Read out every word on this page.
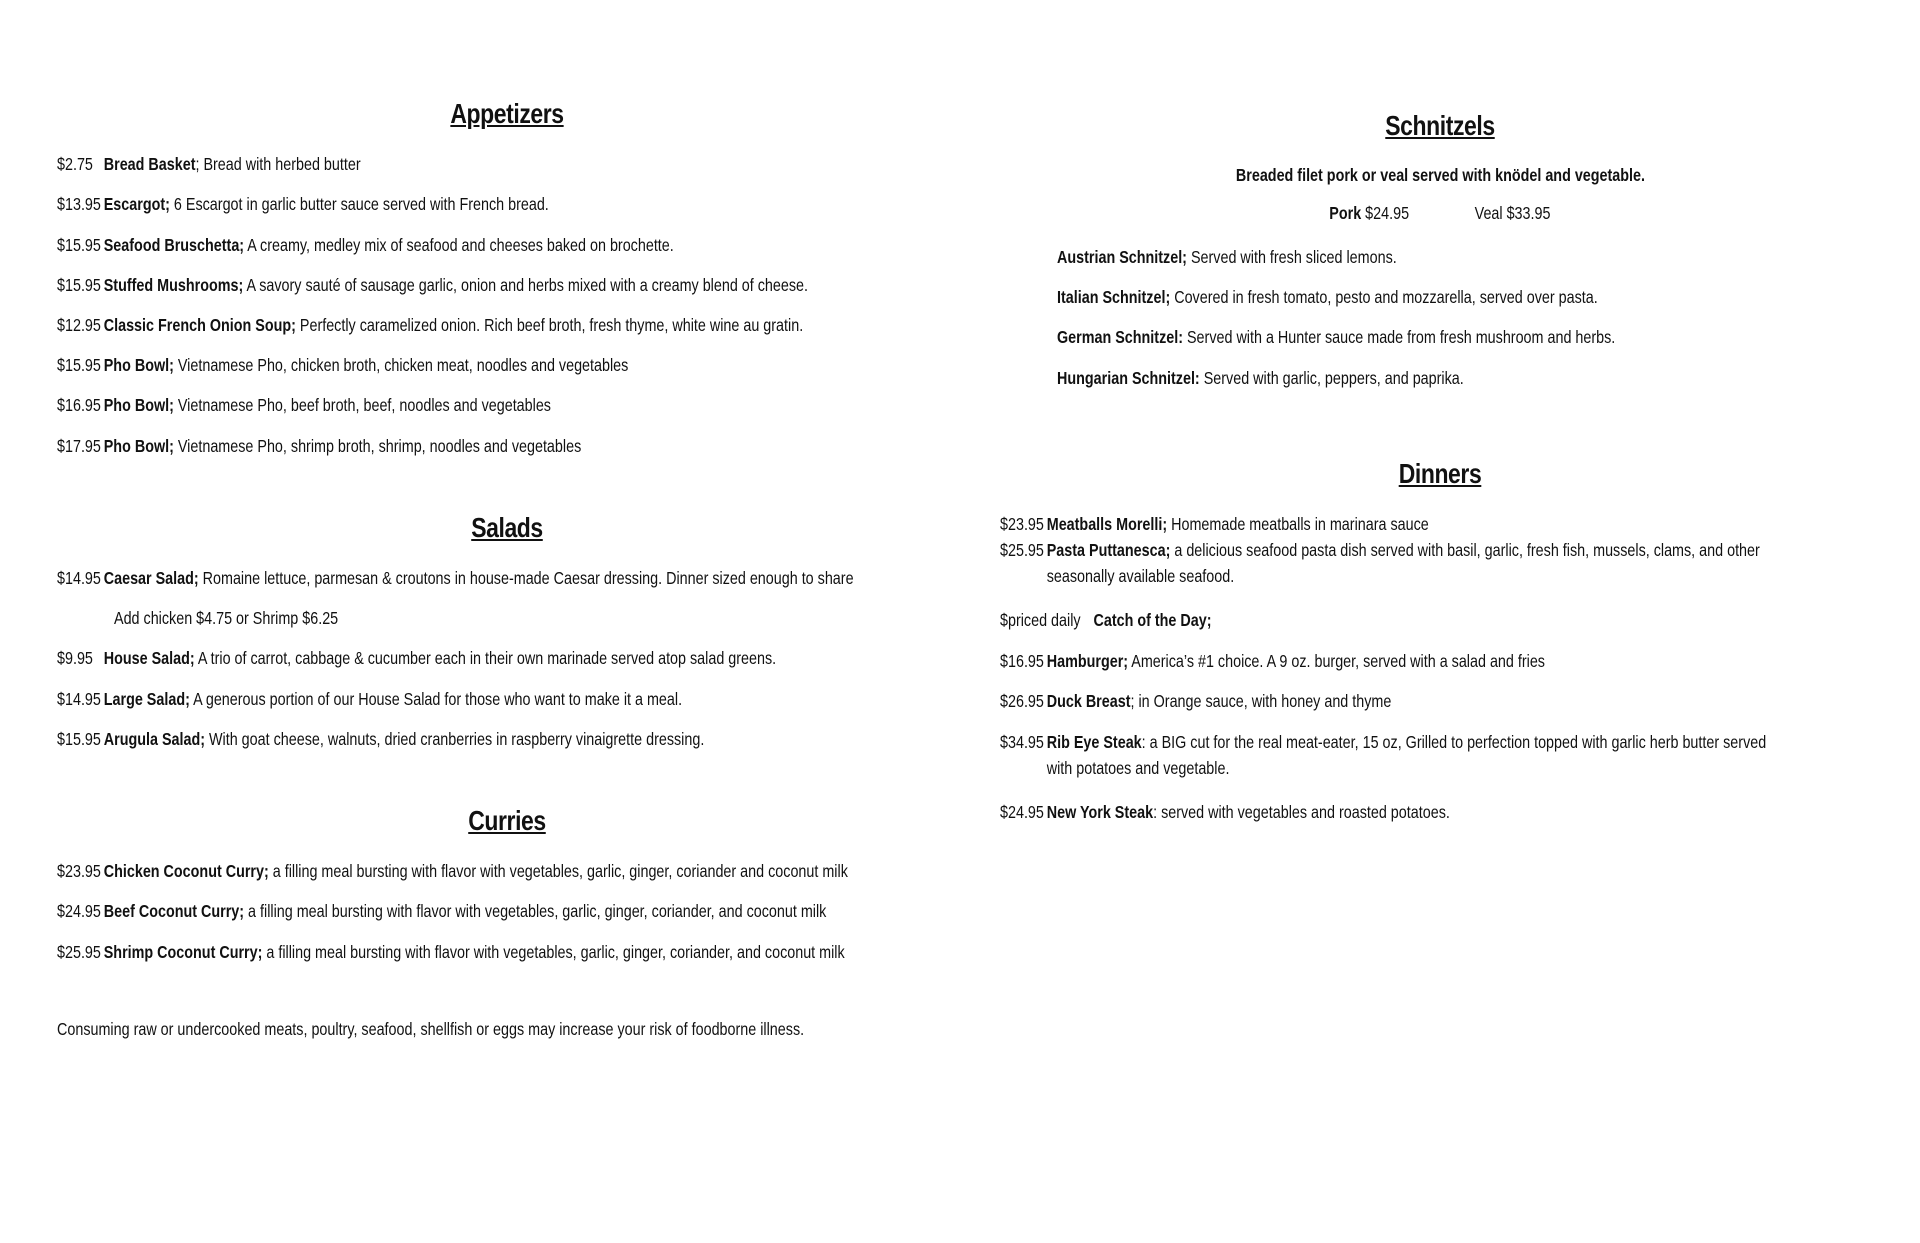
Appetizers
$2.75 Bread Basket; Bread with herbed butter
$13.95 Escargot; 6 Escargot in garlic butter sauce served with French bread.
$15.95 Seafood Bruschetta; A creamy, medley mix of seafood and cheeses baked on brochette.
$15.95 Stuffed Mushrooms; A savory sauté of sausage garlic, onion and herbs mixed with a creamy blend of cheese.
$12.95 Classic French Onion Soup; Perfectly caramelized onion. Rich beef broth, fresh thyme, white wine au gratin.
$15.95 Pho Bowl; Vietnamese Pho, chicken broth, chicken meat, noodles and vegetables
$16.95 Pho Bowl; Vietnamese Pho, beef broth, beef, noodles and vegetables
$17.95 Pho Bowl; Vietnamese Pho, shrimp broth, shrimp, noodles and vegetables
Salads
$14.95 Caesar Salad; Romaine lettuce, parmesan & croutons in house-made Caesar dressing. Dinner sized enough to share
Add chicken $4.75 or Shrimp $6.25
$9.95 House Salad; A trio of carrot, cabbage & cucumber each in their own marinade served atop salad greens.
$14.95 Large Salad; A generous portion of our House Salad for those who want to make it a meal.
$15.95 Arugula Salad; With goat cheese, walnuts, dried cranberries in raspberry vinaigrette dressing.
Curries
$23.95 Chicken Coconut Curry; a filling meal bursting with flavor with vegetables, garlic, ginger, coriander and coconut milk
$24.95 Beef Coconut Curry; a filling meal bursting with flavor with vegetables, garlic, ginger, coriander, and coconut milk
$25.95 Shrimp Coconut Curry; a filling meal bursting with flavor with vegetables, garlic, ginger, coriander, and coconut milk
Consuming raw or undercooked meats, poultry, seafood, shellfish or eggs may increase your risk of foodborne illness.
Schnitzels
Breaded filet pork or veal served with knödel and vegetable.
Pork $24.95	Veal $33.95
Austrian Schnitzel; Served with fresh sliced lemons.
Italian Schnitzel; Covered in fresh tomato, pesto and mozzarella, served over pasta.
German Schnitzel: Served with a Hunter sauce made from fresh mushroom and herbs.
Hungarian Schnitzel: Served with garlic, peppers, and paprika.
Dinners
$23.95 Meatballs Morelli; Homemade meatballs in marinara sauce
$25.95 Pasta Puttanesca; a delicious seafood pasta dish served with basil, garlic, fresh fish, mussels, clams, and other
seasonally available seafood.
$priced daily Catch of the Day;
$16.95 Hamburger; America’s #1 choice. A 9 oz. burger, served with a salad and fries
$26.95 Duck Breast; in Orange sauce, with honey and thyme
$34.95 Rib Eye Steak: a BIG cut for the real meat-eater, 15 oz, Grilled to perfection topped with garlic herb butter served
with potatoes and vegetable.
$24.95 New York Steak: served with vegetables and roasted potatoes.
